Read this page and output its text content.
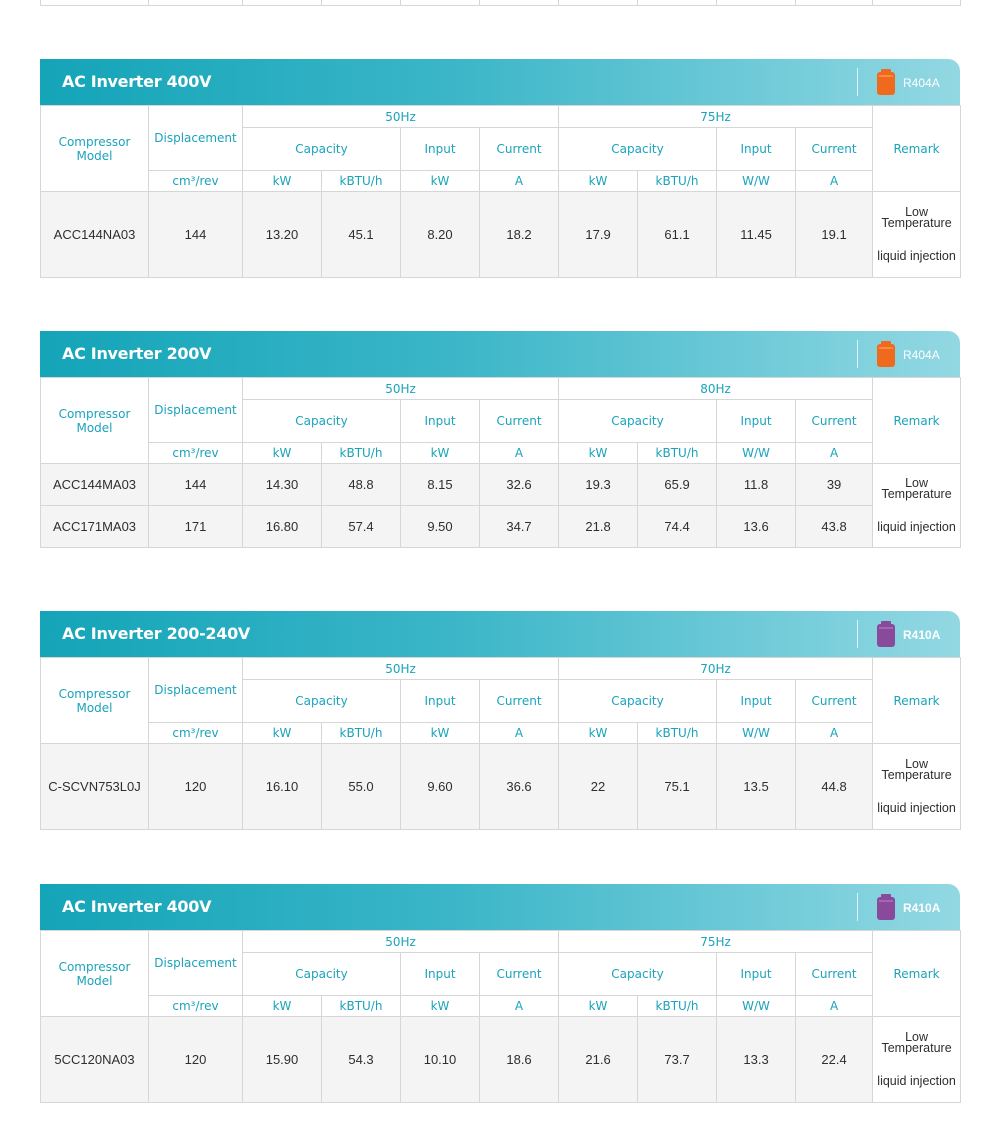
AC Inverter 400V	R404A
Compressor Model	Displacement	50Hz				75Hz				Remark
		Capacity		Input	Current	Capacity		Input	Current	
	cm³/rev	kW	kBTU/h	kW	A	kW	kBTU/h	W/W	A	
ACC144NA03	144	13.20	45.1	8.20	18.2	17.9	61.1	11.45	19.1	Low
Temperature
liquid injection
AC Inverter 200V	R404A
Compressor Model	Displacement	50Hz				80Hz				Remark
		Capacity		Input	Current	Capacity		Input	Current	
	cm³/rev	kW	kBTU/h	kW	A	kW	kBTU/h	W/W	A	
ACC144MA03	144	14.30	48.8	8.15	32.6	19.3	65.9	11.8	39	Low
Temperature
liquid injection
ACC171MA03	171	16.80	57.4	9.50	34.7	21.8	74.4	13.6	43.8	
AC Inverter 200-240V	R410A
Compressor Model	Displacement	50Hz				70Hz				Remark
		Capacity		Input	Current	Capacity		Input	Current	
	cm³/rev	kW	kBTU/h	kW	A	kW	kBTU/h	W/W	A	
C-SCVN753L0J	120	16.10	55.0	9.60	36.6	22	75.1	13.5	44.8	Low
Temperature
liquid injection
AC Inverter 400V	R410A
Compressor Model	Displacement	50Hz				75Hz				Remark
		Capacity		Input	Current	Capacity		Input	Current	
	cm³/rev	kW	kBTU/h	kW	A	kW	kBTU/h	W/W	A	
5CC120NA03	120	15.90	54.3	10.10	18.6	21.6	73.7	13.3	22.4	Low
Temperature
liquid injection
